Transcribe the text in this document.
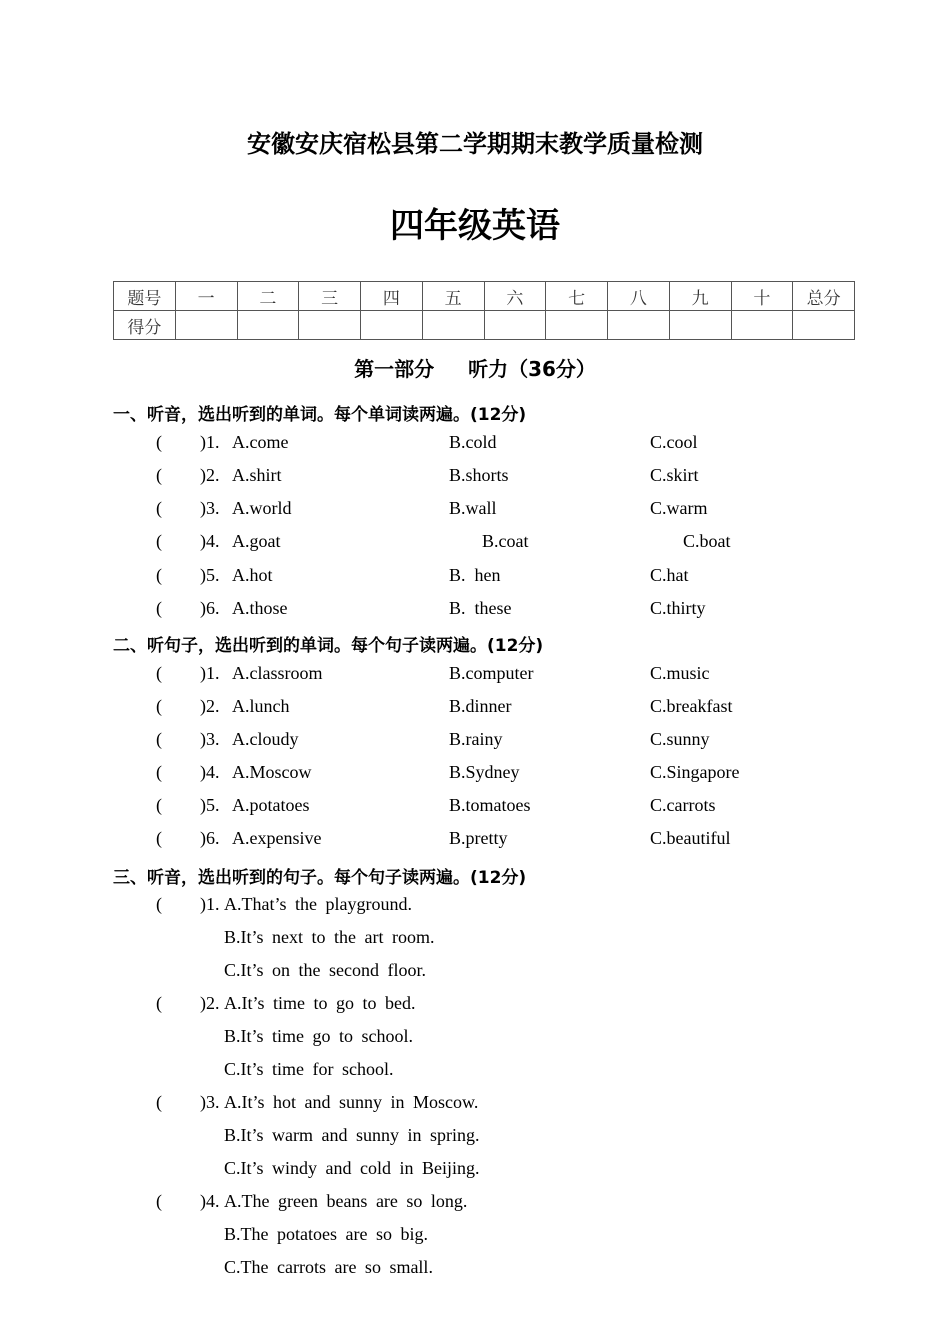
安徽安庆宿松县第二学期期末教学质量检测
四年级英语
题号	一	二	三	四	五	六	七	八	九	十	总分
得分											
第一部分 听力（36分）
一、听音，选出听到的单词。每个单词读两遍。(12分)
( )1. A.come	B.cold	C.cool
( )2. A.shirt	B.shorts	C.skirt
( )3. A.world	B.wall	C.warm
( )4. A.goat	B.coat	C.boat
( )5. A.hot	B.  hen	C.hat
( )6. A.those	B.  these	C.thirty
二、听句子，选出听到的单词。每个句子读两遍。(12分)
( )1. A.classroom	B.computer	C.music
( )2. A.lunch	B.dinner	C.breakfast
( )3. A.cloudy	B.rainy	C.sunny
( )4. A.Moscow	B.Sydney	C.Singapore
( )5. A.potatoes	B.tomatoes	C.carrots
( )6. A.expensive	B.pretty	C.beautiful
三、听音，选出听到的句子。每个句子读两遍。(12分)
( )1. A.That’s the playground.
B.It’s next to the art room.
C.It’s on the second floor.
( )2. A.It’s time to go to bed.
B.It’s time go to school.
C.It’s time for school.
( )3. A.It’s hot and sunny in Moscow.
B.It’s warm and sunny in spring.
C.It’s windy and cold in Beijing.
( )4. A.The green beans are so long.
B.The potatoes are so big.
C.The carrots are so small.
